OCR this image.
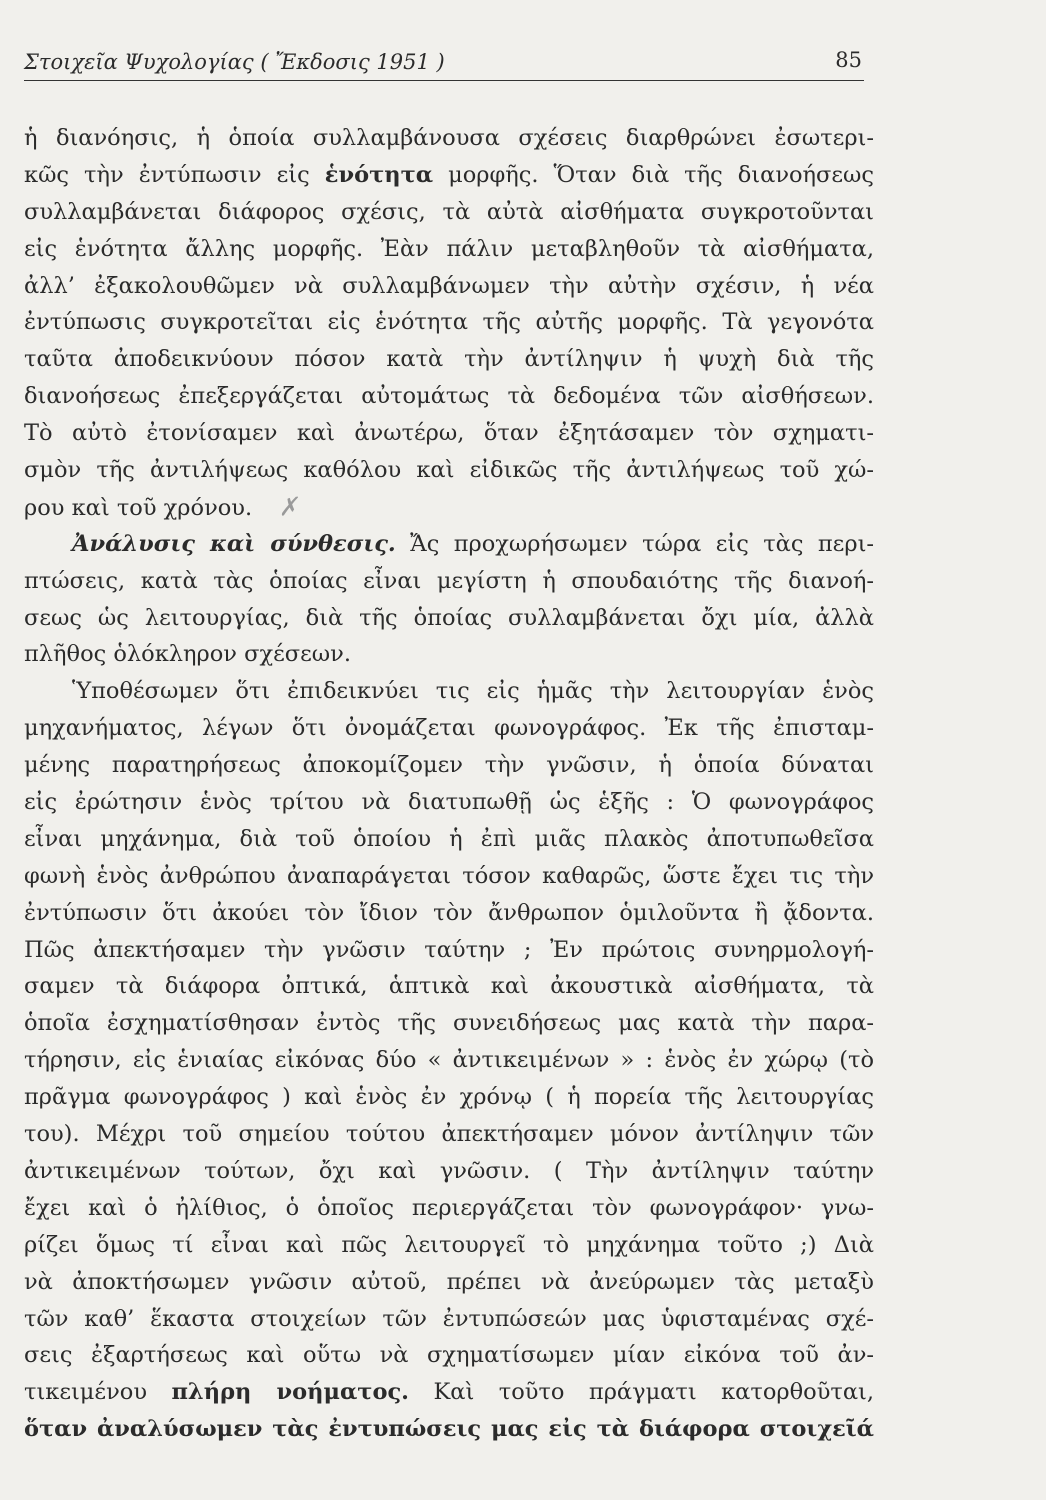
Στοιχεῖα Ψυχολογίας ( Ἔκδοσις 1951 )	85
ἡ διανόησις, ἡ ὁποία συλλαμβάνουσα σχέσεις διαρθρώνει ἐσωτερι-
κῶς τὴν ἐντύπωσιν εἰς ἑνότητα μορφῆς. Ὅταν διὰ τῆς διανοήσεως
συλλαμβάνεται διάφορος σχέσις, τὰ αὐτὰ αἰσθήματα συγκροτοῦνται
εἰς ἑνότητα ἄλλης μορφῆς. Ἐὰν πάλιν μεταβληθοῦν τὰ αἰσθήματα,
ἀλλ’ ἐξακολουθῶμεν νὰ συλλαμβάνωμεν τὴν αὐτὴν σχέσιν, ἡ νέα
ἐντύπωσις συγκροτεῖται εἰς ἑνότητα τῆς αὐτῆς μορφῆς. Τὰ γεγονότα
ταῦτα ἀποδεικνύουν πόσον κατὰ τὴν ἀντίληψιν ἡ ψυχὴ διὰ τῆς
διανοήσεως ἐπεξεργάζεται αὐτομάτως τὰ δεδομένα τῶν αἰσθήσεων.
Τὸ αὐτὸ ἐτονίσαμεν καὶ ἀνωτέρω, ὅταν ἐξητάσαμεν τὸν σχηματι-
σμὸν τῆς ἀντιλήψεως καθόλου καὶ εἰδικῶς τῆς ἀντιλήψεως τοῦ χώ-
ρου καὶ τοῦ χρόνου. ✗
Ἀνάλυσις καὶ σύνθεσις. Ἄς προχωρήσωμεν τώρα εἰς τὰς περι-
πτώσεις, κατὰ τὰς ὁποίας εἶναι μεγίστη ἡ σπουδαιότης τῆς διανοή-
σεως ὡς λειτουργίας, διὰ τῆς ὁποίας συλλαμβάνεται ὄχι μία, ἀλλὰ
πλῆθος ὁλόκληρον σχέσεων.
Ὑποθέσωμεν ὅτι ἐπιδεικνύει τις εἰς ἡμᾶς τὴν λειτουργίαν ἑνὸς
μηχανήματος, λέγων ὅτι ὀνομάζεται φωνογράφος. Ἐκ τῆς ἐπισταμ-
μένης παρατηρήσεως ἀποκομίζομεν τὴν γνῶσιν, ἡ ὁποία δύναται
εἰς ἐρώτησιν ἑνὸς τρίτου νὰ διατυπωθῇ ὡς ἑξῆς : Ὁ φωνογράφος
εἶναι μηχάνημα, διὰ τοῦ ὁποίου ἡ ἐπὶ μιᾶς πλακὸς ἀποτυπωθεῖσα
φωνὴ ἑνὸς ἀνθρώπου ἀναπαράγεται τόσον καθαρῶς, ὥστε ἔχει τις τὴν
ἐντύπωσιν ὅτι ἀκούει τὸν ἴδιον τὸν ἄνθρωπον ὁμιλοῦντα ἢ ᾄδοντα.
Πῶς ἀπεκτήσαμεν τὴν γνῶσιν ταύτην ; Ἐν πρώτοις συνηρμολογή-
σαμεν τὰ διάφορα ὀπτικά, ἁπτικὰ καὶ ἀκουστικὰ αἰσθήματα, τὰ
ὁποῖα ἐσχηματίσθησαν ἐντὸς τῆς συνειδήσεως μας κατὰ τὴν παρα-
τήρησιν, εἰς ἑνιαίας εἰκόνας δύο « ἀντικειμένων » : ἑνὸς ἐν χώρῳ (τὸ
πρᾶγμα φωνογράφος ) καὶ ἑνὸς ἐν χρόνῳ ( ἡ πορεία τῆς λειτουργίας
του). Μέχρι τοῦ σημείου τούτου ἀπεκτήσαμεν μόνον ἀντίληψιν τῶν
ἀντικειμένων τούτων, ὄχι καὶ γνῶσιν. ( Τὴν ἀντίληψιν ταύτην
ἔχει καὶ ὁ ἠλίθιος, ὁ ὁποῖος περιεργάζεται τὸν φωνογράφον· γνω-
ρίζει ὅμως τί εἶναι καὶ πῶς λειτουργεῖ τὸ μηχάνημα τοῦτο ;) Διὰ
νὰ ἀποκτήσωμεν γνῶσιν αὐτοῦ, πρέπει νὰ ἀνεύρωμεν τὰς μεταξὺ
τῶν καθ’ ἕκαστα στοιχείων τῶν ἐντυπώσεών μας ὑφισταμένας σχέ-
σεις ἐξαρτήσεως καὶ οὕτω νὰ σχηματίσωμεν μίαν εἰκόνα τοῦ ἀν-
τικειμένου πλήρη νοήματος. Καὶ τοῦτο πράγματι κατορθοῦται,
ὅταν ἀναλύσωμεν τὰς ἐντυπώσεις μας εἰς τὰ διάφορα στοιχεῖά
